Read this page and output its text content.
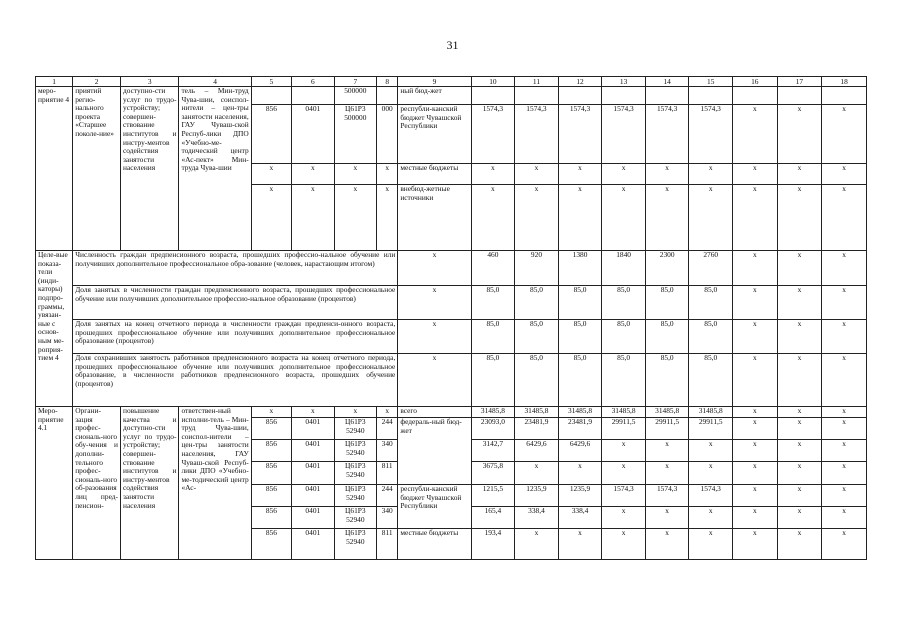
31
1	2	3	4	5	6	7	8	9	10	11	12	13	14	15	16	17	18
меро-приятие 4	приятий регио-нального проекта «Старшее поколе-ние»	доступно-сти услуг по трудо-устройству; совершен-ствование институтов и инстру-ментов содействия занятости населения	тель – Мин-труд Чува-шии, соиспол-нители – цен-тры занятости населения, ГАУ Чуваш-ской Респуб-лики ДПО «Учебно-ме-тодический центр «Ас-пект» Мин-труда Чува-шии			500000		ный бюд-жет									
				856	0401	Ц61P3 500000	000	республи-канский бюджет Чувашской Республики	1574,3	1574,3	1574,3	1574,3	1574,3	1574,3	x	x	x
				x	x	x	x	местные бюджеты	x	x	x	x	x	x	x	x	x
				x	x	x	x	внебюд-жетные источники	x	x	x	x	x	x	x	x	x
Целе-вые показа-тели (инди-каторы) подпро-граммы, увязан-ные с основ-ным ме-роприя-тием 4	Численность граждан предпенсионного возраста, прошедших профессио-нальное обучение или получивших дополнительное профессиональное обра-зование (человек, нарастающим итогом)							x	460	920	1380	1840	2300	2760	x	x	x
	Доля занятых в численности граждан предпенсионного возраста, прошедших профессиональное обучение или получивших дополнительное профессио-нальное образование (процентов)							x	85,0	85,0	85,0	85,0	85,0	85,0	x	x	x
	Доля занятых на конец отчетного периода в численности граждан предпенси-онного возраста, прошедших профессиональное обучение или получивших дополнительное профессиональное образование (процентов)							x	85,0	85,0	85,0	85,0	85,0	85,0	x	x	x
	Доля сохранивших занятость работников предпенсионного возраста на конец отчетного периода, прошедших профессиональное обучение или получивших дополнительное профессиональное образование, в численности работников предпенсионного возраста, прошедших обучение (процентов)							x	85,0	85,0	85,0	85,0	85,0	85,0	x	x	x
Меро-приятие 4.1	Органи-зация профес-сиональ-ного обу-чения и дополни-тельного профес-сиональ-ного об-разования лиц пред-пенсион-	повышение качества и доступно-сти услуг по трудо-устройству; совершен-ствование институтов и инстру-ментов содействия занятости населения	ответствен-ный исполни-тель – Мин-труд Чува-шии, соиспол-нители – цен-тры занятости населения, ГАУ Чуваш-ской Респуб-лики ДПО «Учебно-ме-тодический центр «Ас-	x	x	x	x	всего	31485,8	31485,8	31485,8	31485,8	31485,8	31485,8	x	x	x
				856	0401	Ц61P3 52940	244	федераль-ный бюд-жет	23093,0	23481,9	23481,9	29911,5	29911,5	29911,5	x	x	x
				856	0401	Ц61P3 52940	340		3142,7	6429,6	6429,6	x	x	x	x	x	x
				856	0401	Ц61P3 52940	811		3675,8	x	x	x	x	x	x	x	x
				856	0401	Ц61P3 52940	244	республи-канский бюджет Чувашской Республики	1215,5	1235,9	1235,9	1574,3	1574,3	1574,3	x	x	x
				856	0401	Ц61P3 52940	340		165,4	338,4	338,4	x	x	x	x	x	x
				856	0401	Ц61P3 52940	811	местные бюджеты	193,4	x	x	x	x	x	x	x	x
